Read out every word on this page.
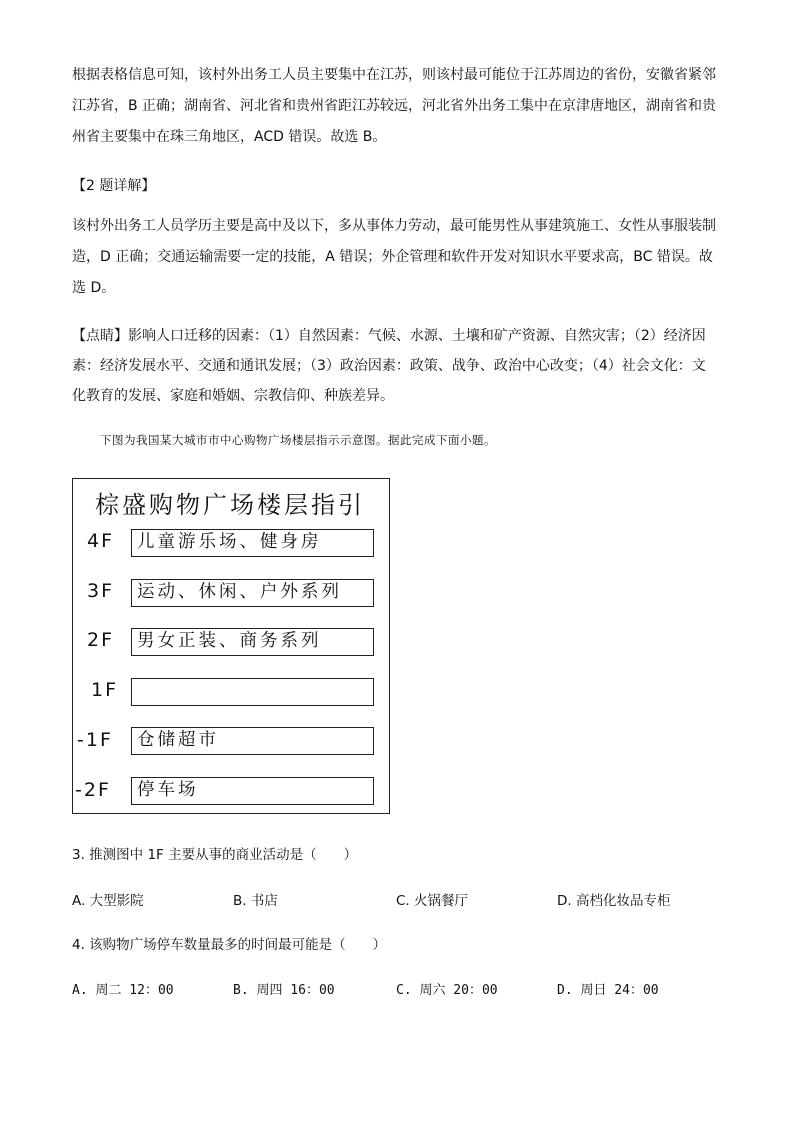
根据表格信息可知，该村外出务工人员主要集中在江苏，则该村最可能位于江苏周边的省份，安徽省紧邻

江苏省，B 正确；湖南省、河北省和贵州省距江苏较远，河北省外出务工集中在京津唐地区，湖南省和贵

州省主要集中在珠三角地区，ACD 错误。故选 B。

【2 题详解】

该村外出务工人员学历主要是高中及以下，多从事体力劳动，最可能男性从事建筑施工、女性从事服装制

造，D 正确；交通运输需要一定的技能，A 错误；外企管理和软件开发对知识水平要求高，BC 错误。故

选 D。

【点睛】影响人口迁移的因素：（1）自然因素：气候、水源、土壤和矿产资源、自然灾害；（2）经济因

素：经济发展水平、交通和通讯发展；（3）政治因素：政策、战争、政治中心改变；（4）社会文化：文

化教育的发展、家庭和婚姻、宗教信仰、种族差异。

下图为我国某大城市市中心购物广场楼层指示示意图。据此完成下面小题。

棕盛购物广场楼层指引
4F	儿童游乐场、健身房
3F	运动、休闲、户外系列
2F	男女正装、商务系列
1F
-1F	仓储超市
-2F	停车场

3. 推测图中 1F 主要从事的商业活动是（　　）

A. 大型影院	B. 书店	C. 火锅餐厅	D. 高档化妆品专柜

4. 该购物广场停车数量最多的时间最可能是（　　）

A. 周二 12：00	B. 周四 16：00	C. 周六 20：00	D. 周日 24：00
